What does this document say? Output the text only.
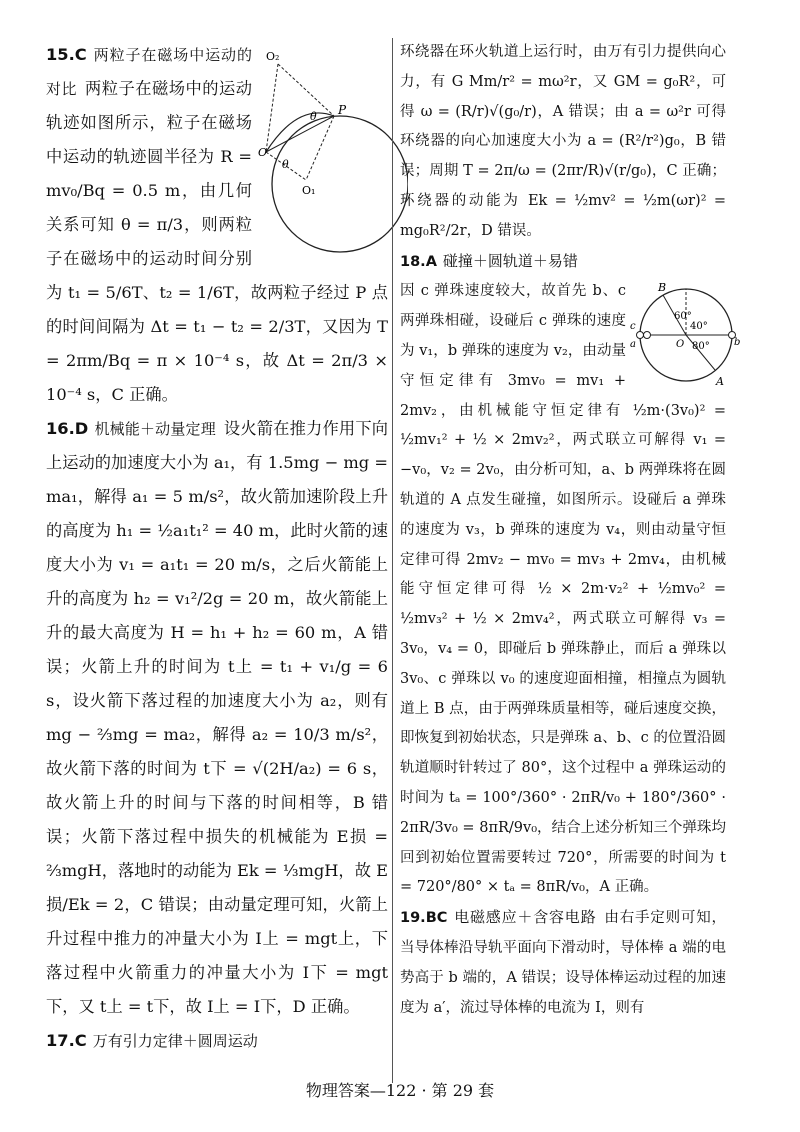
O₂
θ P
O
θ
O₁

15.C 两粒子在磁场中运动的对比 两粒子在磁场中的运动轨迹如图所示，粒子在磁场中运动的轨迹圆半径为 R = mv₀/Bq = 0.5 m，由几何关系可知 θ = π/3，则两粒子在磁场中的运动时间分别为 t₁ = 5/6T、t₂ = 1/6T，故两粒子经过 P 点的时间间隔为 Δt = t₁ − t₂ = 2/3T，又因为 T = 2πm/Bq = π × 10⁻⁴ s，故 Δt = 2π/3 × 10⁻⁴ s，C 正确。

16.D 机械能＋动量定理 设火箭在推力作用下向上运动的加速度大小为 a₁，有 1.5mg − mg = ma₁，解得 a₁ = 5 m/s²，故火箭加速阶段上升的高度为 h₁ = ½a₁t₁² = 40 m，此时火箭的速度大小为 v₁ = a₁t₁ = 20 m/s，之后火箭能上升的高度为 h₂ = v₁²/2g = 20 m，故火箭能上升的最大高度为 H = h₁ + h₂ = 60 m，A 错误；火箭上升的时间为 t上 = t₁ + v₁/g = 6 s，设火箭下落过程的加速度大小为 a₂，则有 mg − ⅔mg = ma₂，解得 a₂ = 10/3 m/s²，故火箭下落的时间为 t下 = √(2H/a₂) = 6 s，故火箭上升的时间与下落的时间相等，B 错误；火箭下落过程中损失的机械能为 E损 = ⅔mgH，落地时的动能为 Ek = ⅓mgH，故 E损/Ek = 2，C 错误；由动量定理可知，火箭上升过程中推力的冲量大小为 I上 = mgt上，下落过程中火箭重力的冲量大小为 I下 = mgt下，又 t上 = t下，故 I上 = I下，D 正确。

17.C 万有引力定律＋圆周运动

环绕器在环火轨道上运行时，由万有引力提供向心力，有 G Mm/r² = mω²r，又 GM = g₀R²，可得 ω = (R/r)√(g₀/r)，A 错误；由 a = ω²r 可得环绕器的向心加速度大小为 a = (R²/r²)g₀，B 错误；周期 T = 2π/ω = (2πr/R)√(r/g₀)，C 正确；环绕器的动能为 Ek = ½mv² = ½m(ωr)² = mg₀R²/2r，D 错误。

18.A 碰撞＋圆轨道＋易错

B
60°
40°
80°
c
a	O	b
A

因 c 弹珠速度较大，故首先 b、c 两弹珠相碰，设碰后 c 弹珠的速度为 v₁，b 弹珠的速度为 v₂，由动量守恒定律有 3mv₀ = mv₁ + 2mv₂，由机械能守恒定律有 ½m·(3v₀)² = ½mv₁² + ½ × 2mv₂²，两式联立可解得 v₁ = −v₀，v₂ = 2v₀，由分析可知，a、b 两弹珠将在圆轨道的 A 点发生碰撞，如图所示。设碰后 a 弹珠的速度为 v₃，b 弹珠的速度为 v₄，则由动量守恒定律可得 2mv₂ − mv₀ = mv₃ + 2mv₄，由机械能守恒定律可得 ½ × 2m·v₂² + ½mv₀² = ½mv₃² + ½ × 2mv₄²，两式联立可解得 v₃ = 3v₀，v₄ = 0，即碰后 b 弹珠静止，而后 a 弹珠以 3v₀、c 弹珠以 v₀ 的速度迎面相撞，相撞点为圆轨道上 B 点，由于两弹珠质量相等，碰后速度交换，即恢复到初始状态，只是弹珠 a、b、c 的位置沿圆轨道顺时针转过了 80°，这个过程中 a 弹珠运动的时间为 tₐ = 100°/360° · 2πR/v₀ + 180°/360° · 2πR/3v₀ = 8πR/9v₀，结合上述分析知三个弹珠均回到初始位置需要转过 720°，所需要的时间为 t = 720°/80° × tₐ = 8πR/v₀，A 正确。

19.BC 电磁感应＋含容电路 由右手定则可知，当导体棒沿导轨平面向下滑动时，导体棒 a 端的电势高于 b 端的，A 错误；设导体棒运动过程的加速度为 a′，流过导体棒的电流为 I，则有

物理答案—122 · 第 29 套
